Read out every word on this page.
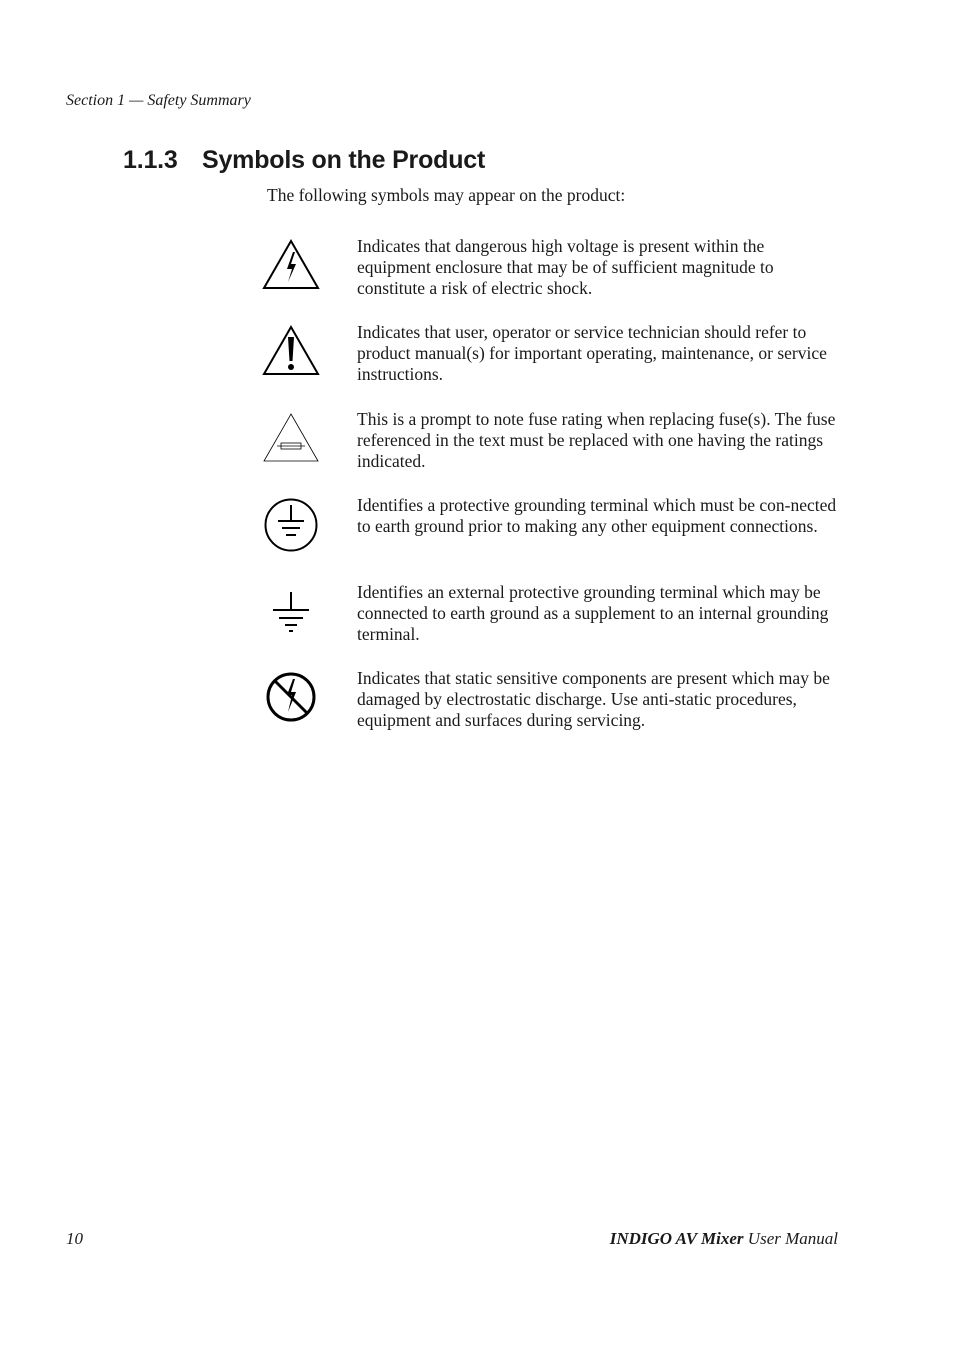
Section 1 — Safety Summary
1.1.3 Symbols on the Product
The following symbols may appear on the product:
Indicates that dangerous high voltage is present within the equipment enclosure that may be of sufficient magnitude to constitute a risk of electric shock.
Indicates that user, operator or service technician should refer to product manual(s) for important operating, maintenance, or service instructions.
This is a prompt to note fuse rating when replacing fuse(s). The fuse referenced in the text must be replaced with one having the ratings indicated.
Identifies a protective grounding terminal which must be con-nected to earth ground prior to making any other equipment connections.
Identifies an external protective grounding terminal which may be connected to earth ground as a supplement to an internal grounding terminal.
Indicates that static sensitive components are present which may be damaged by electrostatic discharge. Use anti-static procedures, equipment and surfaces during servicing.
10	INDIGO AV Mixer User Manual
